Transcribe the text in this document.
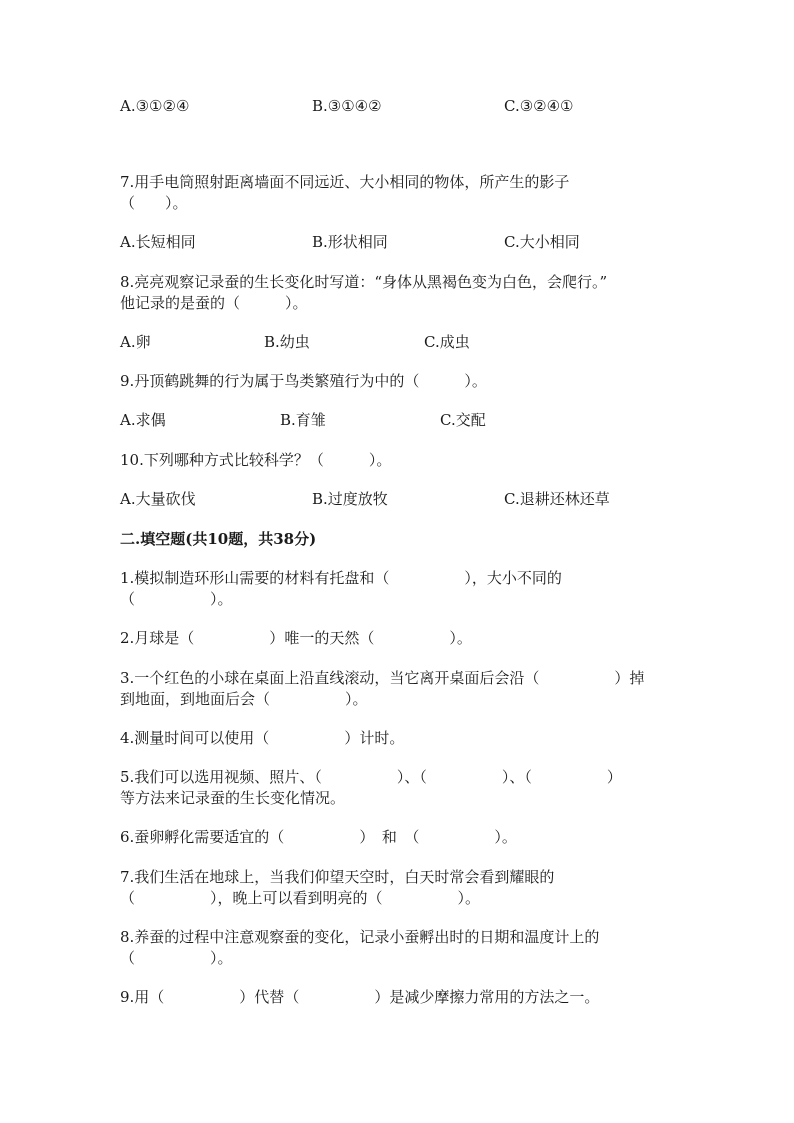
A.③①②④	B.③①④②	C.③②④①
7.用手电筒照射距离墙面不同远近、大小相同的物体，所产生的影子
（　　）。
A.长短相同	B.形状相同	C.大小相同
8.亮亮观察记录蚕的生长变化时写道：“身体从黑褐色变为白色，会爬行。”
他记录的是蚕的（　　　）。
A.卵	B.幼虫	C.成虫
9.丹顶鹤跳舞的行为属于鸟类繁殖行为中的（　　　）。
A.求偶	B.育雏	C.交配
10.下列哪种方式比较科学？（　　　）。
A.大量砍伐	B.过度放牧	C.退耕还林还草
二.填空题(共10题，共38分)
1.模拟制造环形山需要的材料有托盘和（　　　　　），大小不同的
（　　　　　）。
2.月球是（　　　　　）唯一的天然（　　　　　）。
3.一个红色的小球在桌面上沿直线滚动，当它离开桌面后会沿（　　　　　）掉
到地面，到地面后会（　　　　　）。
4.测量时间可以使用（　　　　　）计时。
5.我们可以选用视频、照片、（　　　　　）、（　　　　　）、（　　　　　）
等方法来记录蚕的生长变化情况。
6.蚕卵孵化需要适宜的（　　　　　）　和　（　　　　　）。
7.我们生活在地球上，当我们仰望天空时，白天时常会看到耀眼的
（　　　　　），晚上可以看到明亮的（　　　　　）。
8.养蚕的过程中注意观察蚕的变化，记录小蚕孵出时的日期和温度计上的
（　　　　　）。
9.用（　　　　　）代替（　　　　　）是减少摩擦力常用的方法之一。
